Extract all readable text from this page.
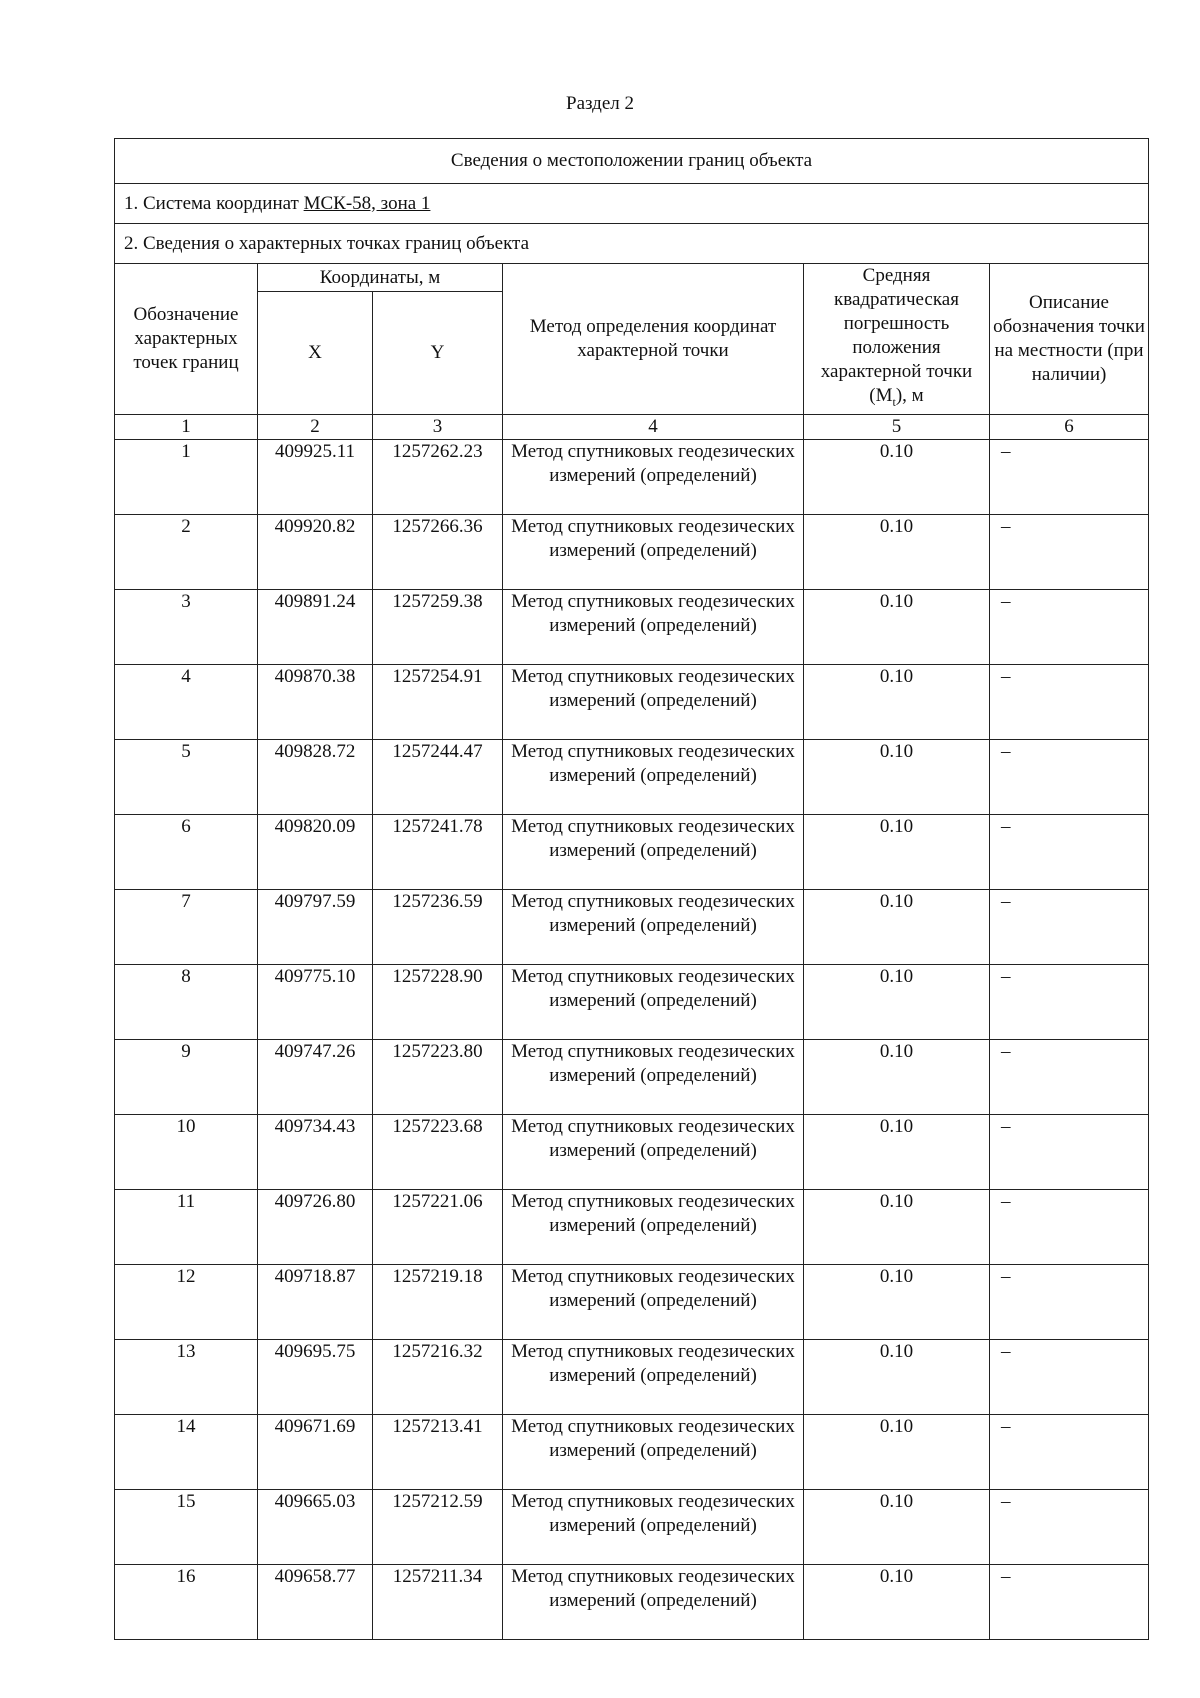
Раздел 2
Сведения о местоположении границ объекта					
1. Система координат МСК-58, зона 1					
2. Сведения о характерных точках границ объекта					
Обозначение характерных точек границ	Координаты, м		Метод определения координат характерной точки	Средняя квадратическая погрешность положения характерной точки $(M_t)$, м	Описание обозначения точки на местности (при наличии)
	X	Y			
1	2	3	4	5	6
1	409925.11	1257262.23	Метод спутниковых геодезических измерений (определений)	0.10	–
2	409920.82	1257266.36	Метод спутниковых геодезических измерений (определений)	0.10	–
3	409891.24	1257259.38	Метод спутниковых геодезических измерений (определений)	0.10	–
4	409870.38	1257254.91	Метод спутниковых геодезических измерений (определений)	0.10	–
5	409828.72	1257244.47	Метод спутниковых геодезических измерений (определений)	0.10	–
6	409820.09	1257241.78	Метод спутниковых геодезических измерений (определений)	0.10	–
7	409797.59	1257236.59	Метод спутниковых геодезических измерений (определений)	0.10	–
8	409775.10	1257228.90	Метод спутниковых геодезических измерений (определений)	0.10	–
9	409747.26	1257223.80	Метод спутниковых геодезических измерений (определений)	0.10	–
10	409734.43	1257223.68	Метод спутниковых геодезических измерений (определений)	0.10	–
11	409726.80	1257221.06	Метод спутниковых геодезических измерений (определений)	0.10	–
12	409718.87	1257219.18	Метод спутниковых геодезических измерений (определений)	0.10	–
13	409695.75	1257216.32	Метод спутниковых геодезических измерений (определений)	0.10	–
14	409671.69	1257213.41	Метод спутниковых геодезических измерений (определений)	0.10	–
15	409665.03	1257212.59	Метод спутниковых геодезических измерений (определений)	0.10	–
16	409658.77	1257211.34	Метод спутниковых геодезических измерений (определений)	0.10	–
